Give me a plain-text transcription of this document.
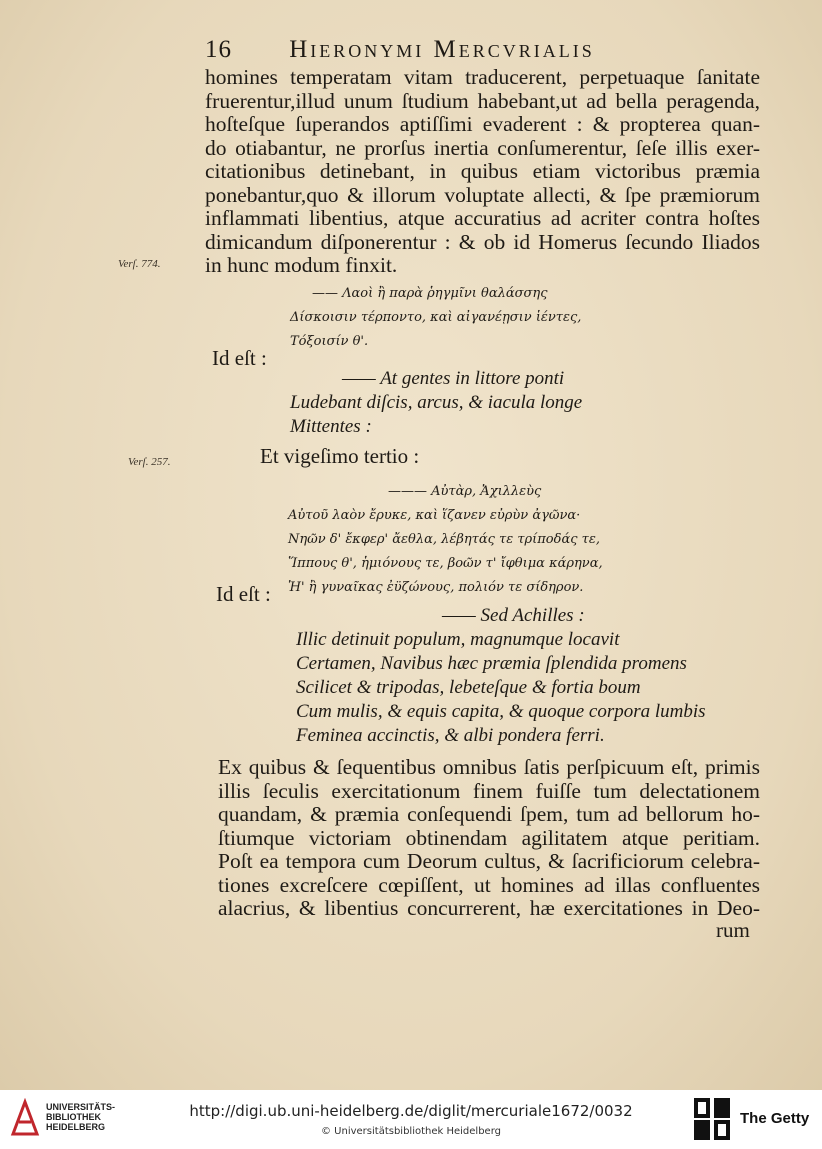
16 Hieronymi Mercvrialis
homines temperatam vitam traducerent, perpetuaque ſanitate
fruerentur,illud unum ſtudium habebant,ut ad bella peragenda,
hoſteſque ſuperandos aptiſſimi evaderent : & propterea quan-
do otiabantur, ne prorſus inertia conſumerentur, ſeſe illis exer-
citationibus detinebant, in quibus etiam victoribus præmia
ponebantur,quo & illorum voluptate allecti, & ſpe præmiorum
inflammati libentius, atque accuratius ad acriter contra hoſtes
dimicandum diſponerentur : & ob id Homerus ſecundo Iliados
in hunc modum finxit.
Verſ. 774.
—— Λαοὶ ἢ παρὰ ῥηγμῖνι θαλάσσης
Δίσκοισιν τέρποντο, καὶ αἰγανέῃσιν ἱέντες,
Τόξοισίν θ'.
Id eſt :
—— At gentes in littore ponti
Ludebant diſcis, arcus, & iacula longe
Mittentes :
Verſ. 257.	Et vigeſimo tertio :
——— Αὐτὰρ, Ἀχιλλεὺς
Αὐτοῦ λαὸν ἔρυκε, καὶ ἵζανεν εὐρὺν ἀγῶνα·
Νηῶν δ' ἔκφερ' ἄεθλα, λέβητάς τε τρίποδάς τε,
Ἵππους θ', ἡμιόνους τε, βοῶν τ' ἴφθιμα κάρηνα,
Ἠ' ἢ γυναῖκας ἐϋζώνους, πολιόν τε σίδηρον.
Id eſt :
—— Sed Achilles :
Illic detinuit populum, magnumque locavit
Certamen, Navibus hæc præmia ſplendida promens
Scilicet & tripodas, lebeteſque & fortia boum
Cum mulis, & equis capita, & quoque corpora lumbis
Feminea accinctis, & albi pondera ferri.
Ex quibus & ſequentibus omnibus ſatis perſpicuum eſt, primis
illis ſeculis exercitationum finem fuiſſe tum delectationem
quandam, & præmia conſequendi ſpem, tum ad bellorum ho-
ſtiumque victoriam obtinendam agilitatem atque peritiam.
Poſt ea tempora cum Deorum cultus, & ſacrificiorum celebra-
tiones excreſcere cœpiſſent, ut homines ad illas confluentes
alacrius, & libentius concurrerent, hæ exercitationes in Deo-
rum
UNIVERSITÄTS-
BIBLIOTHEK
HEIDELBERG
http://digi.ub.uni-heidelberg.de/diglit/mercuriale1672/0032
© Universitätsbibliothek Heidelberg
The Getty
